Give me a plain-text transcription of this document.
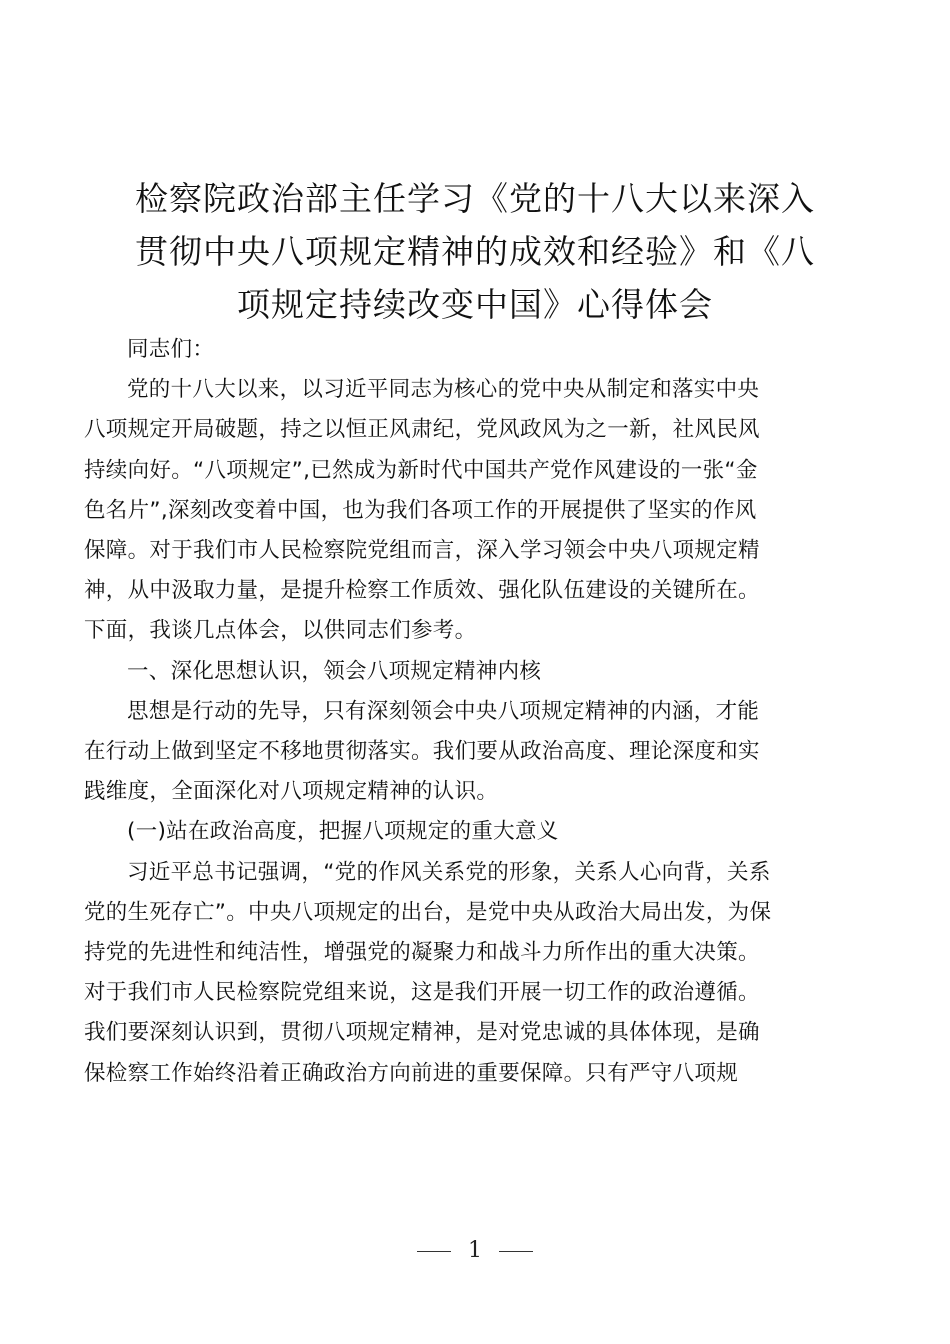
检察院政治部主任学习《党的十八大以来深入
贯彻中央八项规定精神的成效和经验》和《八
项规定持续改变中国》心得体会

同志们：

党的十八大以来，以习近平同志为核心的党中央从制定和落实中央
八项规定开局破题，持之以恒正风肃纪，党风政风为之一新，社风民风
持续向好。“八项规定”,已然成为新时代中国共产党作风建设的一张“金
色名片”,深刻改变着中国，也为我们各项工作的开展提供了坚实的作风
保障。对于我们市人民检察院党组而言，深入学习领会中央八项规定精
神，从中汲取力量，是提升检察工作质效、强化队伍建设的关键所在。
下面，我谈几点体会，以供同志们参考。

一、深化思想认识，领会八项规定精神内核

思想是行动的先导，只有深刻领会中央八项规定精神的内涵，才能
在行动上做到坚定不移地贯彻落实。我们要从政治高度、理论深度和实
践维度，全面深化对八项规定精神的认识。

(一)站在政治高度，把握八项规定的重大意义

习近平总书记强调，“党的作风关系党的形象，关系人心向背，关系
党的生死存亡”。中央八项规定的出台，是党中央从政治大局出发，为保
持党的先进性和纯洁性，增强党的凝聚力和战斗力所作出的重大决策。
对于我们市人民检察院党组来说，这是我们开展一切工作的政治遵循。
我们要深刻认识到，贯彻八项规定精神，是对党忠诚的具体体现，是确
保检察工作始终沿着正确政治方向前进的重要保障。只有严守八项规

1
